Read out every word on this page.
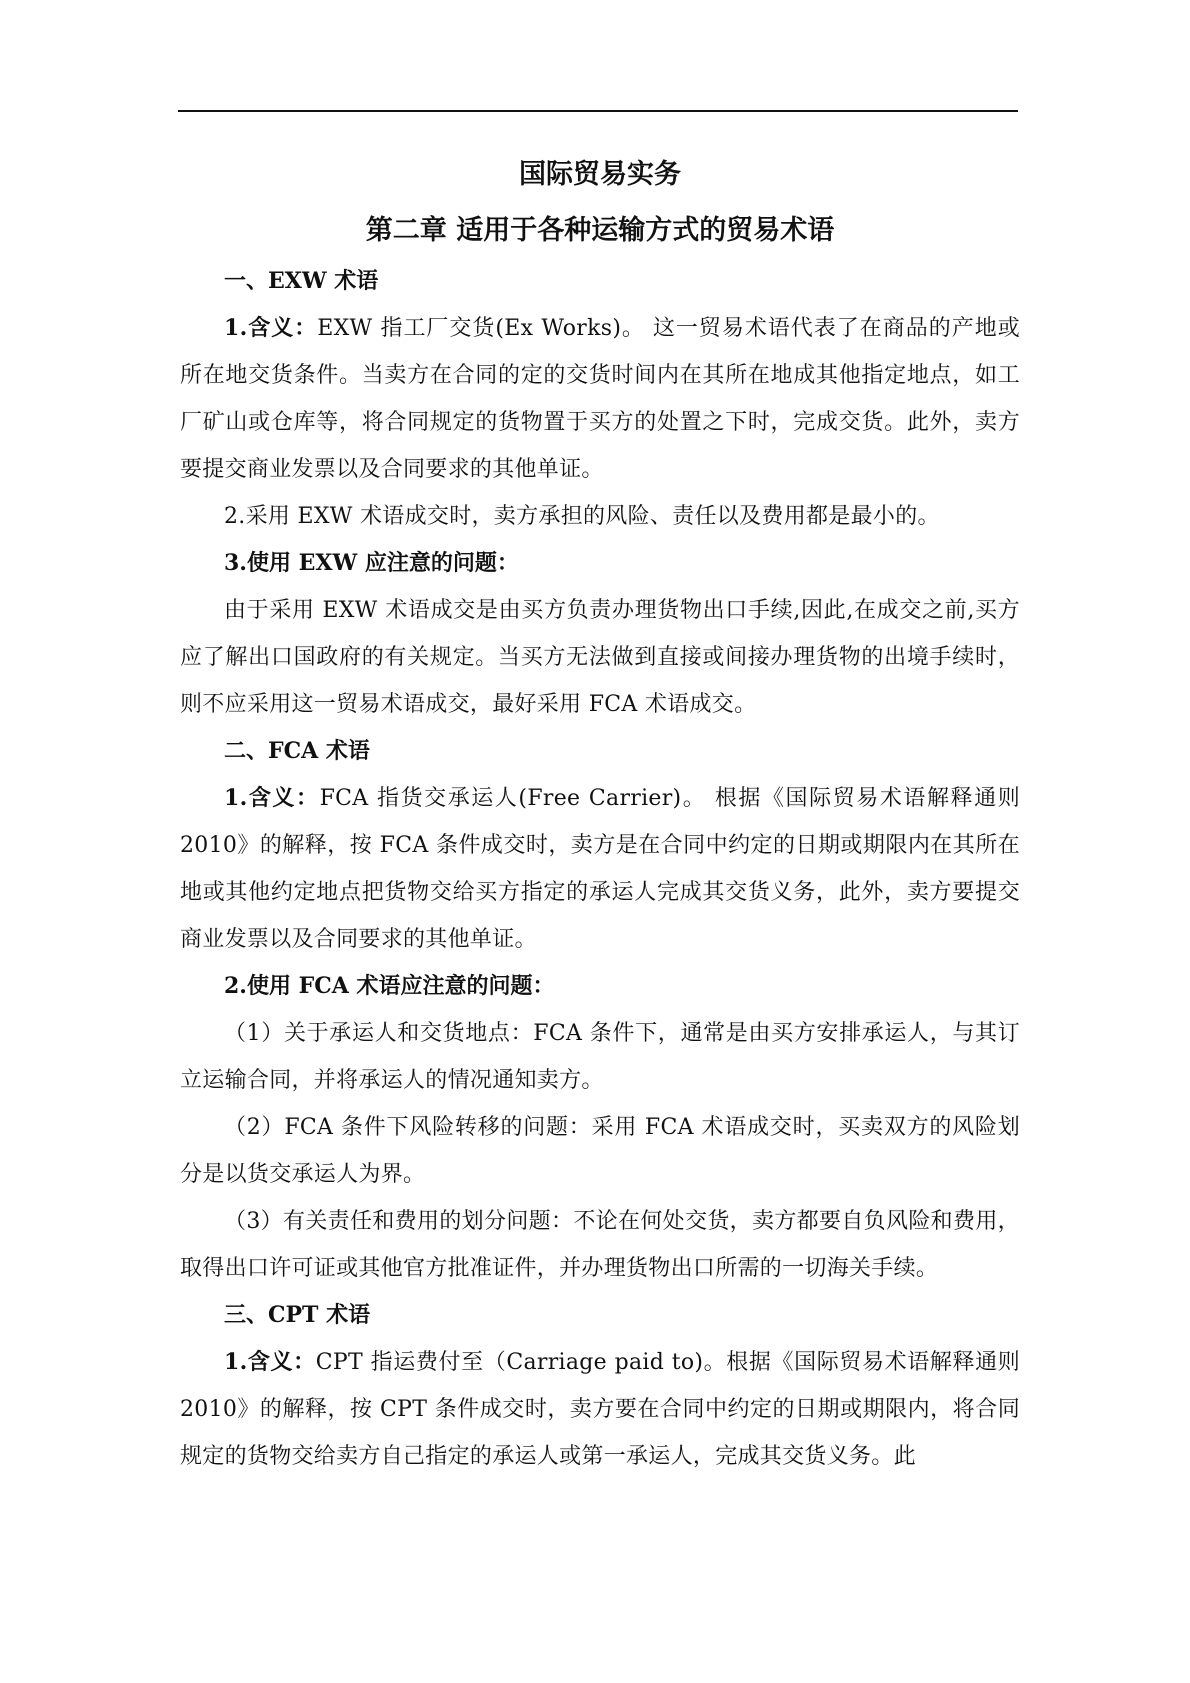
国际贸易实务
第二章 适用于各种运输方式的贸易术语
一、EXW 术语

1.含义：EXW 指工厂交货(Ex Works)。 这一贸易术语代表了在商品的产地或所在地交货条件。当卖方在合同的定的交货时间内在其所在地成其他指定地点，如工厂矿山或仓库等，将合同规定的货物置于买方的处置之下时，完成交货。此外，卖方要提交商业发票以及合同要求的其他单证。

2.采用 EXW 术语成交时，卖方承担的风险、责任以及费用都是最小的。

3.使用 EXW 应注意的问题：

由于采用 EXW 术语成交是由买方负责办理货物出口手续,因此,在成交之前,买方应了解出口国政府的有关规定。当买方无法做到直接或间接办理货物的出境手续时，则不应采用这一贸易术语成交，最好采用 FCA 术语成交。

二、FCA 术语

1.含义：FCA 指货交承运人(Free Carrier)。 根据《国际贸易术语解释通则 2010》的解释，按 FCA 条件成交时，卖方是在合同中约定的日期或期限内在其所在地或其他约定地点把货物交给买方指定的承运人完成其交货义务，此外，卖方要提交商业发票以及合同要求的其他单证。

2.使用 FCA 术语应注意的问题：

（1）关于承运人和交货地点：FCA 条件下，通常是由买方安排承运人，与其订立运输合同，并将承运人的情况通知卖方。

（2）FCA 条件下风险转移的问题：采用 FCA 术语成交时，买卖双方的风险划分是以货交承运人为界。

（3）有关责任和费用的划分问题：不论在何处交货，卖方都要自负风险和费用，取得出口许可证或其他官方批准证件，并办理货物出口所需的一切海关手续。

三、CPT 术语

1.含义：CPT 指运费付至（Carriage paid to)。根据《国际贸易术语解释通则 2010》的解释，按 CPT 条件成交时，卖方要在合同中约定的日期或期限内，将合同规定的货物交给卖方自己指定的承运人或第一承运人，完成其交货义务。此
